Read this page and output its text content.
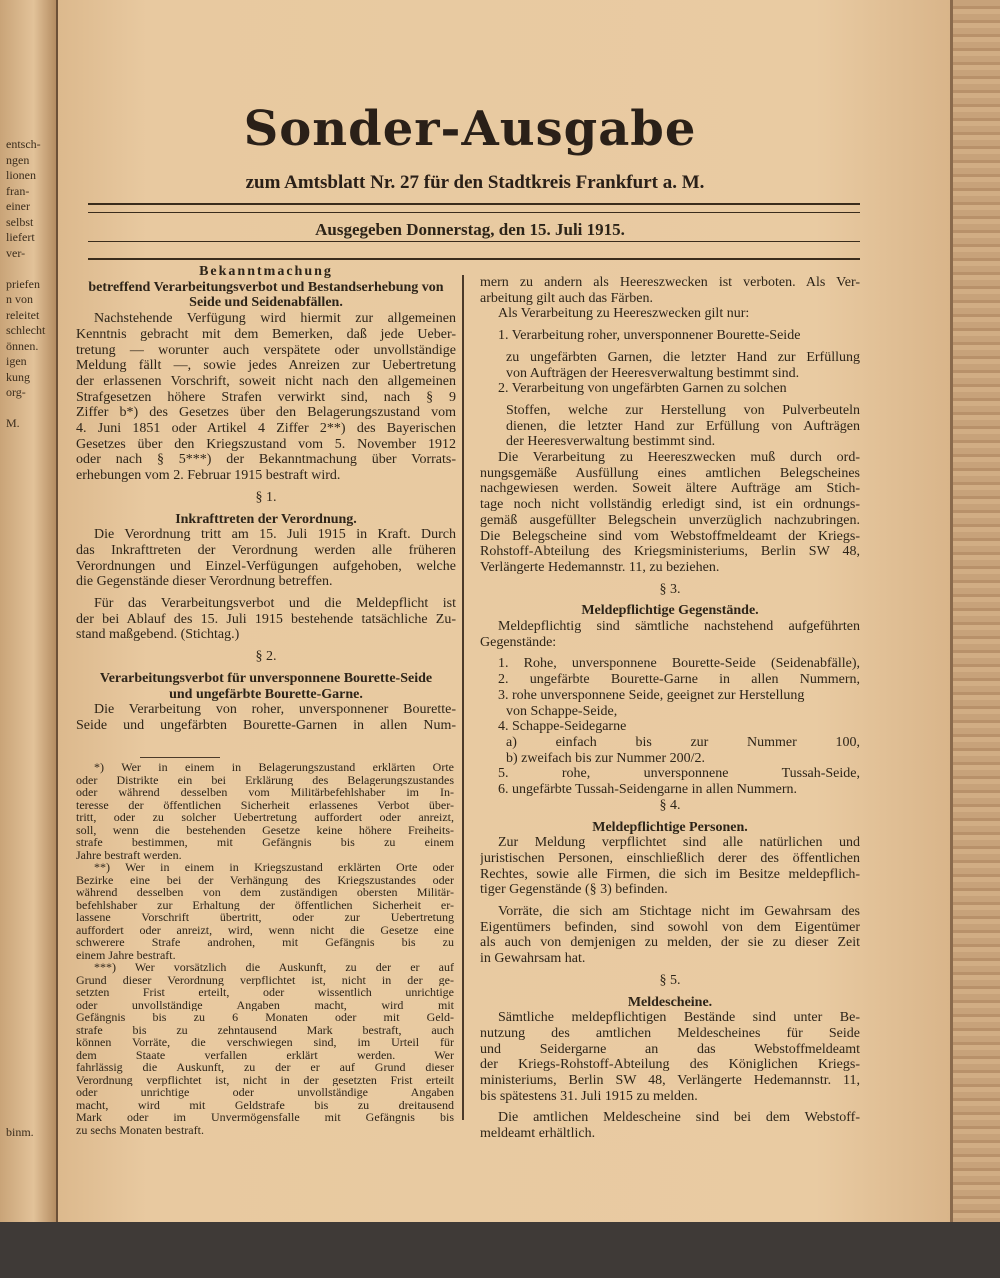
entsch-
ngen
lionen
fran-
einer
selbst
liefert
ver-
priefen
n von
releitet
schlecht
önnen.
igen
kung
org-
M.
binm.
Sonder-Ausgabe
zum Amtsblatt Nr. 27 für den Stadtkreis Frankfurt a. M.
Ausgegeben Donnerstag, den 15. Juli 1915.
Bekanntmachung
betreffend Verarbeitungsverbot und Bestandserhebung von
Seide und Seidenabfällen.
Nachstehende Verfügung wird hiermit zur allgemeinen
Kenntnis gebracht mit dem Bemerken, daß jede Ueber-
tretung — worunter auch verspätete oder unvollständige
Meldung fällt —, sowie jedes Anreizen zur Uebertretung
der erlassenen Vorschrift, soweit nicht nach den allgemeinen
Strafgesetzen höhere Strafen verwirkt sind, nach § 9
Ziffer b*) des Gesetzes über den Belagerungszustand vom
4. Juni 1851 oder Artikel 4 Ziffer 2**) des Bayerischen
Gesetzes über den Kriegszustand vom 5. November 1912
oder nach § 5***) der Bekanntmachung über Vorrats-
erhebungen vom 2. Februar 1915 bestraft wird.
§ 1.
Inkrafttreten der Verordnung.
Die Verordnung tritt am 15. Juli 1915 in Kraft. Durch
das Inkrafttreten der Verordnung werden alle früheren
Verordnungen und Einzel-Verfügungen aufgehoben, welche
die Gegenstände dieser Verordnung betreffen.
Für das Verarbeitungsverbot und die Meldepflicht ist
der bei Ablauf des 15. Juli 1915 bestehende tatsächliche Zu-
stand maßgebend. (Stichtag.)
§ 2.
Verarbeitungsverbot für unversponnene Bourette-Seide
und ungefärbte Bourette-Garne.
Die Verarbeitung von roher, unversponnener Bourette-
Seide und ungefärbten Bourette-Garnen in allen Num-
*) Wer in einem in Belagerungszustand erklärten Orte
oder Distrikte ein bei Erklärung des Belagerungszustandes
oder während desselben vom Militärbefehlshaber im In-
teresse der öffentlichen Sicherheit erlassenes Verbot über-
tritt, oder zu solcher Uebertretung auffordert oder anreizt,
soll, wenn die bestehenden Gesetze keine höhere Freiheits-
strafe bestimmen, mit Gefängnis bis zu einem
Jahre bestraft werden.
**) Wer in einem in Kriegszustand erklärten Orte oder
Bezirke eine bei der Verhängung des Kriegszustandes oder
während desselben von dem zuständigen obersten Militär-
befehlshaber zur Erhaltung der öffentlichen Sicherheit er-
lassene Vorschrift übertritt, oder zur Uebertretung
auffordert oder anreizt, wird, wenn nicht die Gesetze eine
schwerere Strafe androhen, mit Gefängnis bis zu
einem Jahre bestraft.
***) Wer vorsätzlich die Auskunft, zu der er auf
Grund dieser Verordnung verpflichtet ist, nicht in der ge-
setzten Frist erteilt, oder wissentlich unrichtige
oder unvollständige Angaben macht, wird mit
Gefängnis bis zu 6 Monaten oder mit Geld-
strafe bis zu zehntausend Mark bestraft, auch
können Vorräte, die verschwiegen sind, im Urteil für
dem Staate verfallen erklärt werden. Wer
fahrlässig die Auskunft, zu der er auf Grund dieser
Verordnung verpflichtet ist, nicht in der gesetzten Frist erteilt
oder unrichtige oder unvollständige Angaben
macht, wird mit Geldstrafe bis zu dreitausend
Mark oder im Unvermögensfalle mit Gefängnis bis
zu sechs Monaten bestraft.
mern zu andern als Heereszwecken ist verboten. Als Ver-
arbeitung gilt auch das Färben.
Als Verarbeitung zu Heereszwecken gilt nur:
1. Verarbeitung roher, unversponnener Bourette-Seide
zu ungefärbten Garnen, die letzter Hand zur Erfüllung
von Aufträgen der Heeresverwaltung bestimmt sind.
2. Verarbeitung von ungefärbten Garnen zu solchen
Stoffen, welche zur Herstellung von Pulverbeuteln
dienen, die letzter Hand zur Erfüllung von Aufträgen
der Heeresverwaltung bestimmt sind.
Die Verarbeitung zu Heereszwecken muß durch ord-
nungsgemäße Ausfüllung eines amtlichen Belegscheines
nachgewiesen werden. Soweit ältere Aufträge am Stich-
tage noch nicht vollständig erledigt sind, ist ein ordnungs-
gemäß ausgefüllter Belegschein unverzüglich nachzubringen.
Die Belegscheine sind vom Webstoffmeldeamt der Kriegs-
Rohstoff-Abteilung des Kriegsministeriums, Berlin SW 48,
Verlängerte Hedemannstr. 11, zu beziehen.
§ 3.
Meldepflichtige Gegenstände.
Meldepflichtig sind sämtliche nachstehend aufgeführten
Gegenstände:
1. Rohe, unversponnene Bourette-Seide (Seidenabfälle),
2. ungefärbte Bourette-Garne in allen Nummern,
3. rohe unversponnene Seide, geeignet zur Herstellung
von Schappe-Seide,
4. Schappe-Seidegarne
a) einfach bis zur Nummer 100,
b) zweifach bis zur Nummer 200/2.
5. rohe, unversponnene Tussah-Seide,
6. ungefärbte Tussah-Seidengarne in allen Nummern.
§ 4.
Meldepflichtige Personen.
Zur Meldung verpflichtet sind alle natürlichen und
juristischen Personen, einschließlich derer des öffentlichen
Rechtes, sowie alle Firmen, die sich im Besitze meldepflich-
tiger Gegenstände (§ 3) befinden.
Vorräte, die sich am Stichtage nicht im Gewahrsam des
Eigentümers befinden, sind sowohl von dem Eigentümer
als auch von demjenigen zu melden, der sie zu dieser Zeit
in Gewahrsam hat.
§ 5.
Meldescheine.
Sämtliche meldepflichtigen Bestände sind unter Be-
nutzung des amtlichen Meldescheines für Seide
und Seidergarne an das Webstoffmeldeamt
der Kriegs-Rohstoff-Abteilung des Königlichen Kriegs-
ministeriums, Berlin SW 48, Verlängerte Hedemannstr. 11,
bis spätestens 31. Juli 1915 zu melden.
Die amtlichen Meldescheine sind bei dem Webstoff-
meldeamt erhältlich.
